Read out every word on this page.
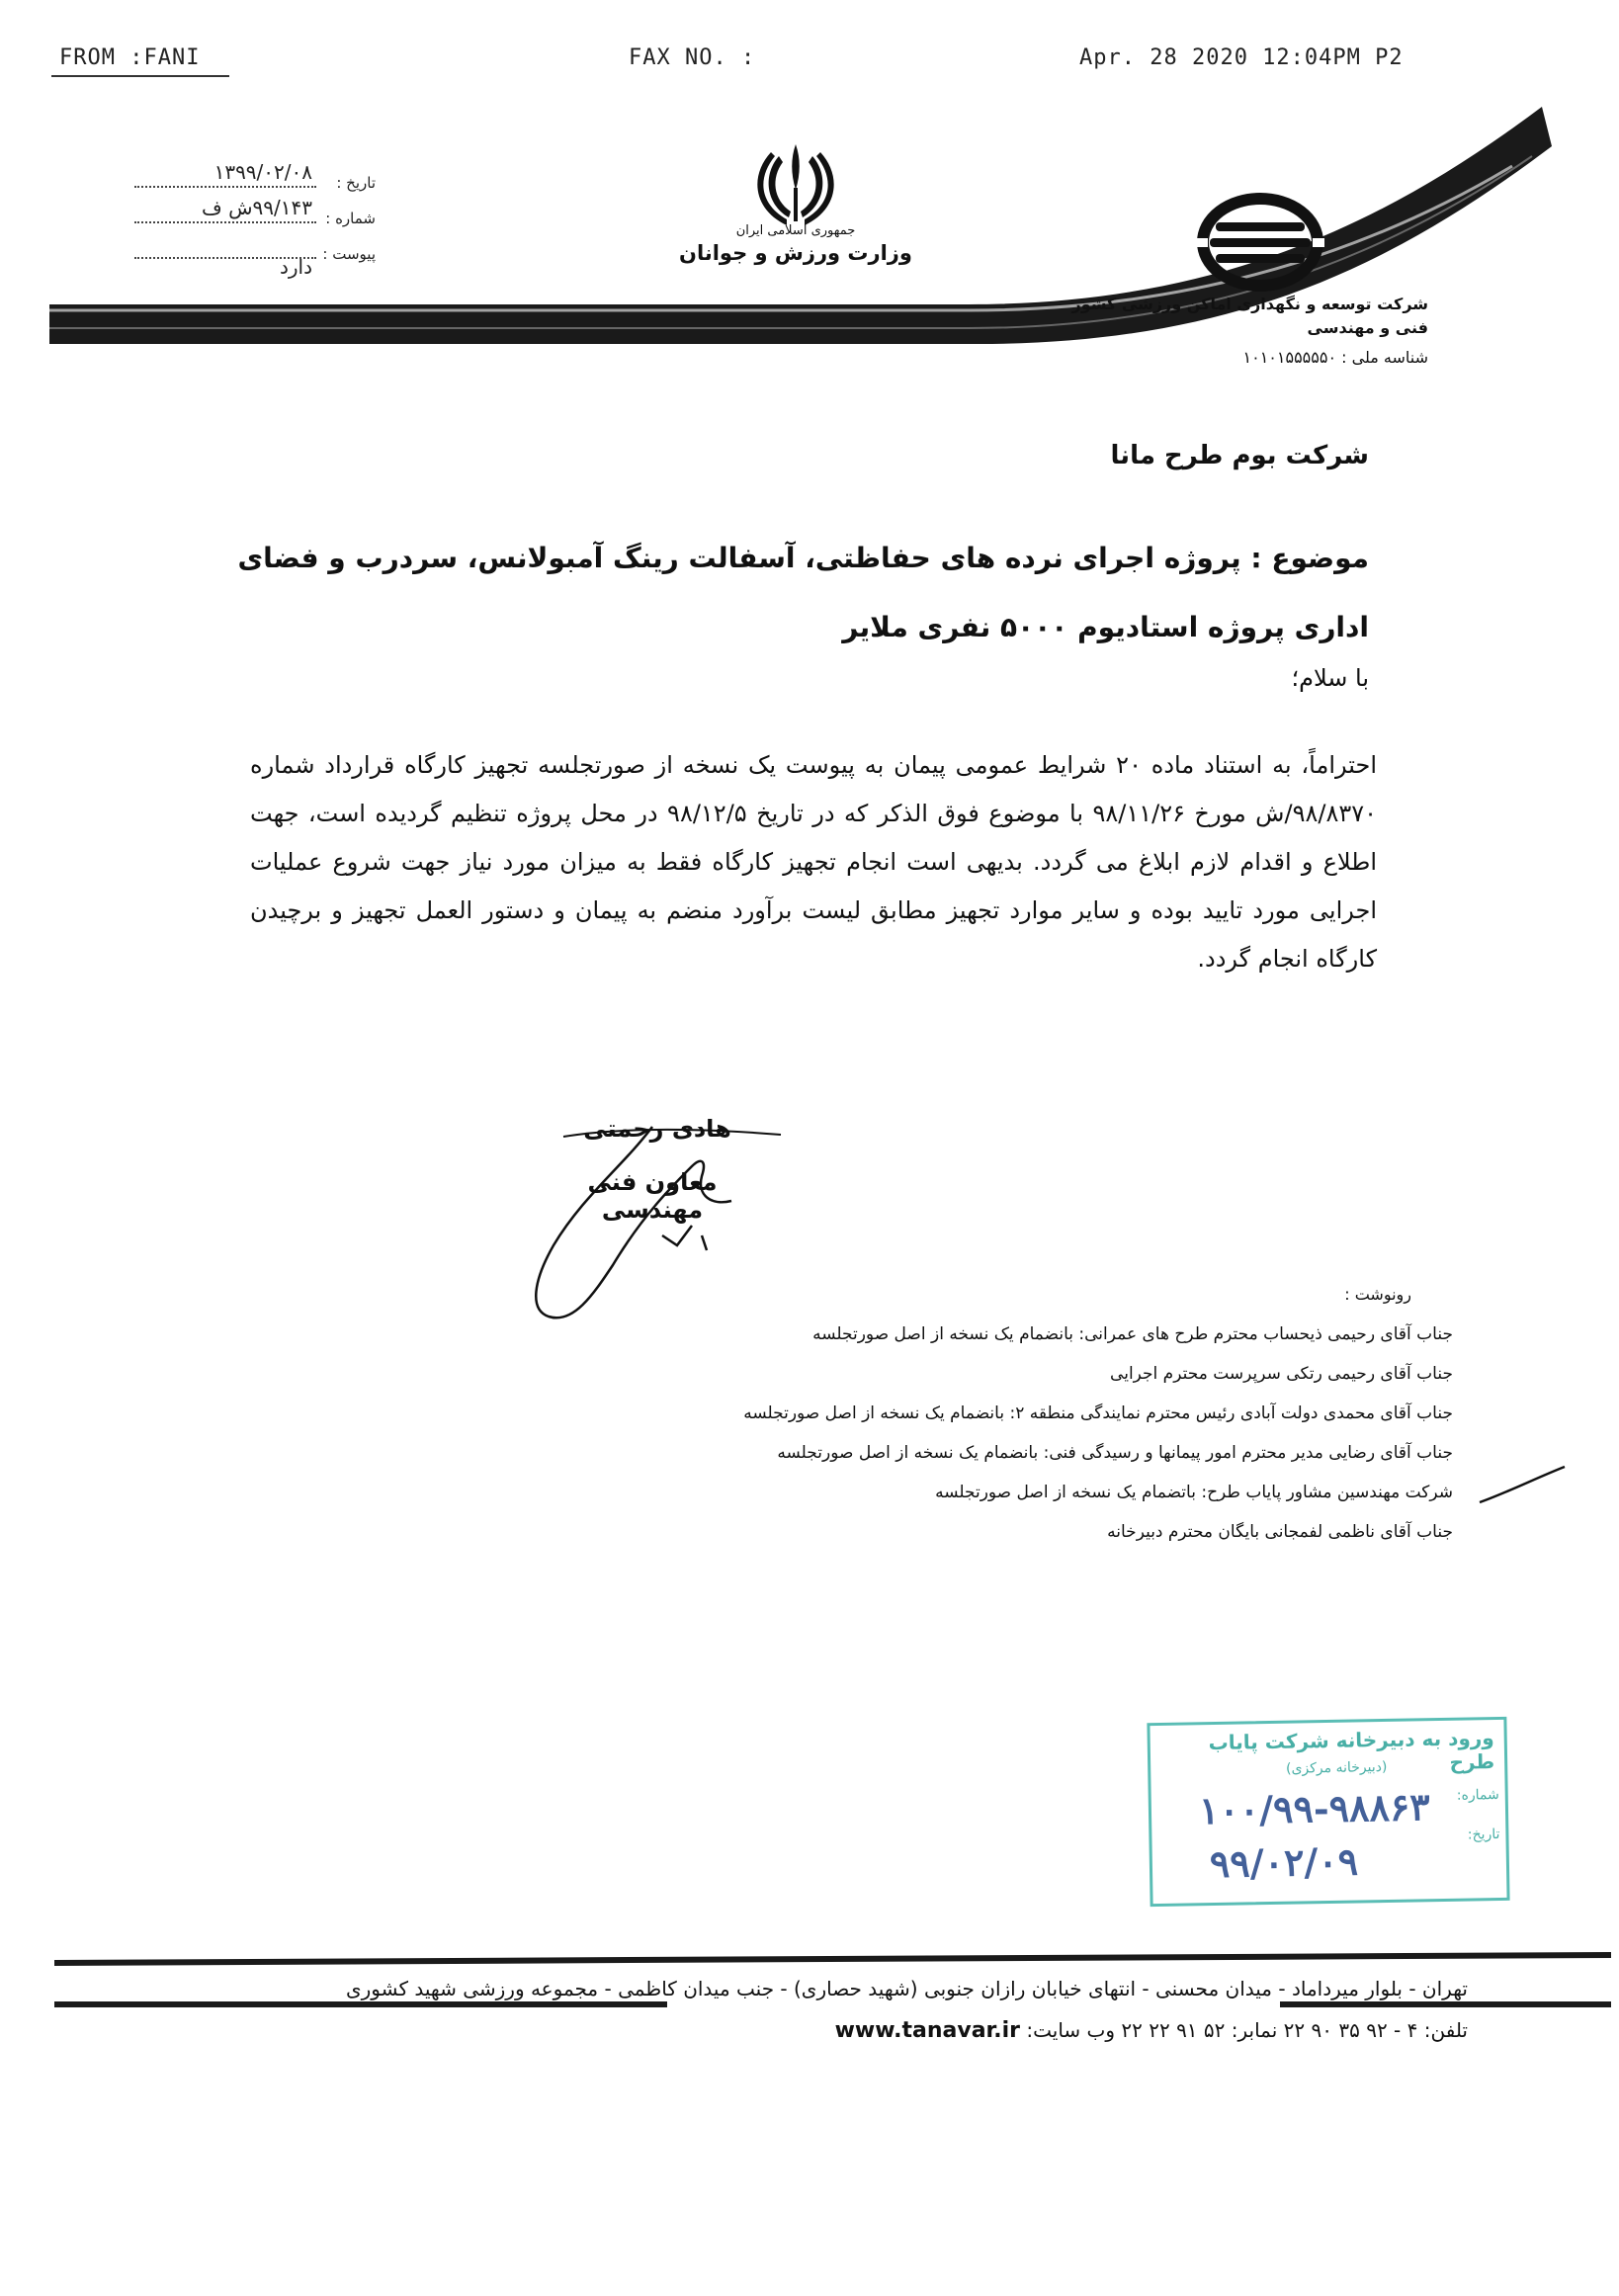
FROM :FANI	FAX NO. :	Apr. 28 2020 12:04PM P2
جمهوری اسلامی ایران
وزارت ورزش و جوانان
۱۳۹۹/۰۲/۰۸	تاریخ :
۹۹/۱۴۳ش ف شماره :
دارد
پیوست :
شرکت توسعه و نگهداری اماکن ورزشی کشور
فنی و مهندسی
شناسه ملی : ۱۰۱۰۱۵۵۵۵۵۰
شرکت بوم طرح مانا
موضوع : پروژه اجرای نرده های حفاظتی، آسفالت رینگ آمبولانس، سردرب و فضای اداری پروژه استادیوم ۵۰۰۰ نفری ملایر
با سلام؛
احتراماً، به استناد ماده ۲۰ شرایط عمومی پیمان به پیوست یک نسخه از صورتجلسه تجهیز کارگاه قرارداد شماره ۹۸/۸۳۷۰/ش مورخ ۹۸/۱۱/۲۶ با موضوع فوق الذکر که در تاریخ ۹۸/۱۲/۵ در محل پروژه تنظیم گردیده است، جهت اطلاع و اقدام لازم ابلاغ می گردد. بدیهی است انجام تجهیز کارگاه فقط به میزان مورد نیاز جهت شروع عملیات اجرایی مورد تایید بوده و سایر موارد تجهیز مطابق لیست برآورد منضم به پیمان و دستور العمل تجهیز و برچیدن کارگاه انجام گردد.
هادی رحمتی
معاون فنی مهندسی
رونوشت :
جناب آقای رحیمی ذیحساب محترم طرح های عمرانی: بانضمام یک نسخه از اصل صورتجلسه
جناب آقای رحیمی رتکی سرپرست محترم اجرایی
جناب آقای محمدی دولت آبادی رئیس محترم نمایندگی منطقه ۲: بانضمام یک نسخه از اصل صورتجلسه
جناب آقای رضایی مدیر محترم امور پیمانها و رسیدگی فنی: بانضمام یک نسخه از اصل صورتجلسه
شرکت مهندسین مشاور پایاب طرح: باتضمام یک نسخه از اصل صورتجلسه
جناب آقای ناظمی لفمجانی بایگان محترم دبیرخانه
ورود به دبیرخانه شرکت پایاب طرح
(دبیرخانه مرکزی)
شماره:
تاریخ:
۱۰۰/۹۹-۹۸۸۶۳
۹۹/۰۲/۰۹
تهران - بلوار میرداماد - میدان محسنی - انتهای خیابان رازان جنوبی (شهید حصاری) - جنب میدان کاظمی - مجموعه ورزشی شهید کشوری
تلفن: ۴ - ۹۲ ۳۵ ۹۰ ۲۲ نمابر: ۵۲ ۹۱ ۲۲ ۲۲ وب سایت: www.tanavar.ir
